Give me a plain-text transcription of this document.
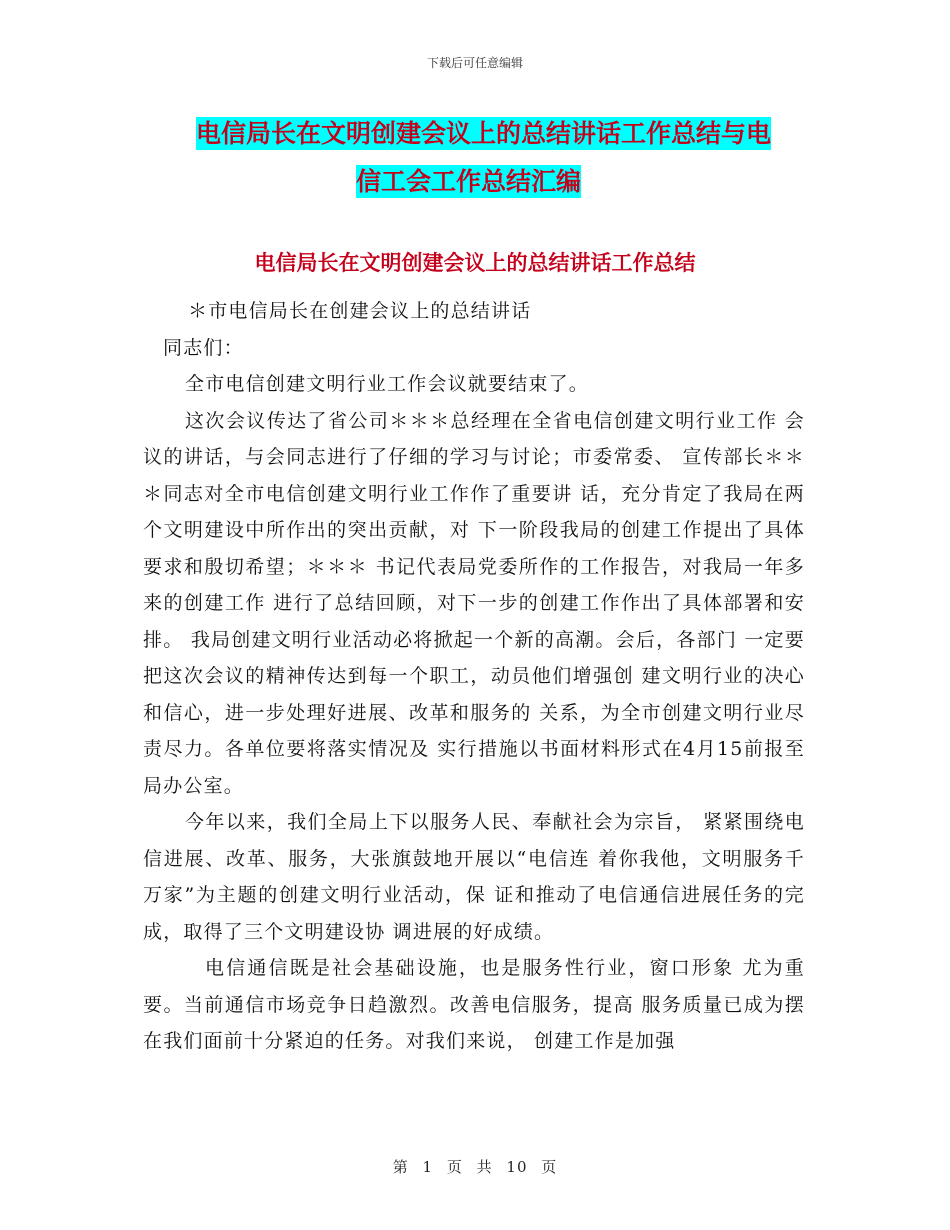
下载后可任意编辑
电信局长在文明创建会议上的总结讲话工作总结与电
信工会工作总结汇编
电信局长在文明创建会议上的总结讲话工作总结

＊市电信局长在创建会议上的总结讲话

同志们：

全市电信创建文明行业工作会议就要结束了。

这次会议传达了省公司＊＊＊总经理在全省电信创建文明行业工作 会议的讲话，与会同志进行了仔细的学习与讨论；市委常委、 宣传部长＊＊＊同志对全市电信创建文明行业工作作了重要讲 话，充分肯定了我局在两个文明建设中所作出的突出贡献，对 下一阶段我局的创建工作提出了具体要求和殷切希望；＊＊＊ 书记代表局党委所作的工作报告，对我局一年多来的创建工作 进行了总结回顾，对下一步的创建工作作出了具体部署和安排。 我局创建文明行业活动必将掀起一个新的高潮。会后，各部门 一定要把这次会议的精神传达到每一个职工，动员他们增强创 建文明行业的决心和信心，进一步处理好进展、改革和服务的 关系，为全市创建文明行业尽责尽力。各单位要将落实情况及 实行措施以书面材料形式在4月15前报至局办公室。

今年以来，我们全局上下以服务人民、奉献社会为宗旨， 紧紧围绕电信进展、改革、服务，大张旗鼓地开展以“电信连 着你我他，文明服务千万家”为主题的创建文明行业活动，保 证和推动了电信通信进展任务的完成，取得了三个文明建设协 调进展的好成绩。

电信通信既是社会基础设施，也是服务性行业，窗口形象 尤为重要。当前通信市场竞争日趋激烈。改善电信服务，提高 服务质量已成为摆在我们面前十分紧迫的任务。对我们来说， 创建工作是加强

第 1 页 共 10 页
